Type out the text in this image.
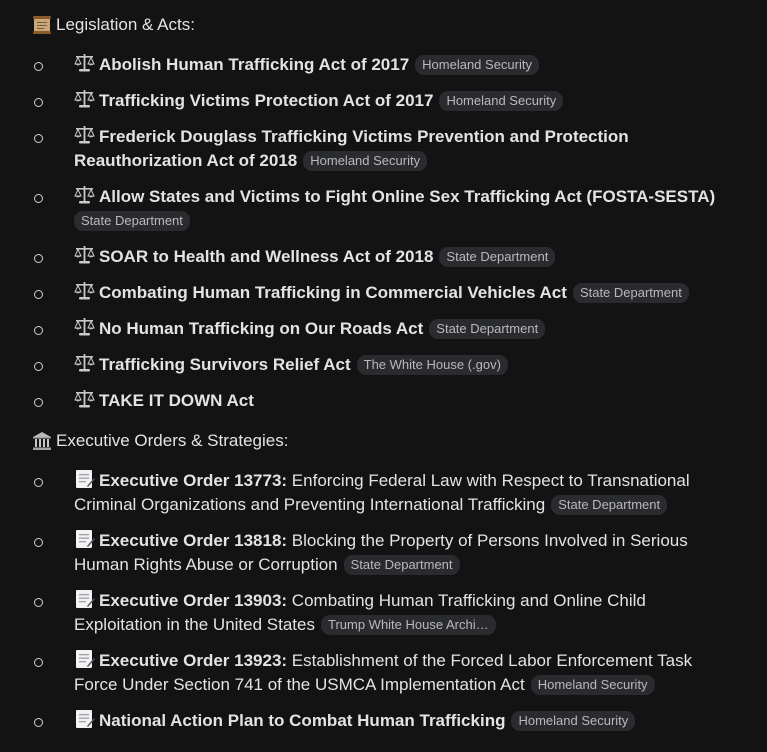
Legislation & Acts:
Abolish Human Trafficking Act of 2017 Homeland Security
Trafficking Victims Protection Act of 2017 Homeland Security
Frederick Douglass Trafficking Victims Prevention and Protection Reauthorization Act of 2018 Homeland Security
Allow States and Victims to Fight Online Sex Trafficking Act (FOSTA-SESTA)
State Department
SOAR to Health and Wellness Act of 2018 State Department
Combating Human Trafficking in Commercial Vehicles Act State Department
No Human Trafficking on Our Roads Act State Department
Trafficking Survivors Relief Act The White House (.gov)
TAKE IT DOWN Act
Executive Orders & Strategies:
Executive Order 13773: Enforcing Federal Law with Respect to Transnational Criminal Organizations and Preventing International Trafficking State Department
Executive Order 13818: Blocking the Property of Persons Involved in Serious Human Rights Abuse or Corruption State Department
Executive Order 13903: Combating Human Trafficking and Online Child Exploitation in the United States Trump White House Archi…
Executive Order 13923: Establishment of the Forced Labor Enforcement Task Force Under Section 741 of the USMCA Implementation Act Homeland Security
National Action Plan to Combat Human Trafficking Homeland Security
